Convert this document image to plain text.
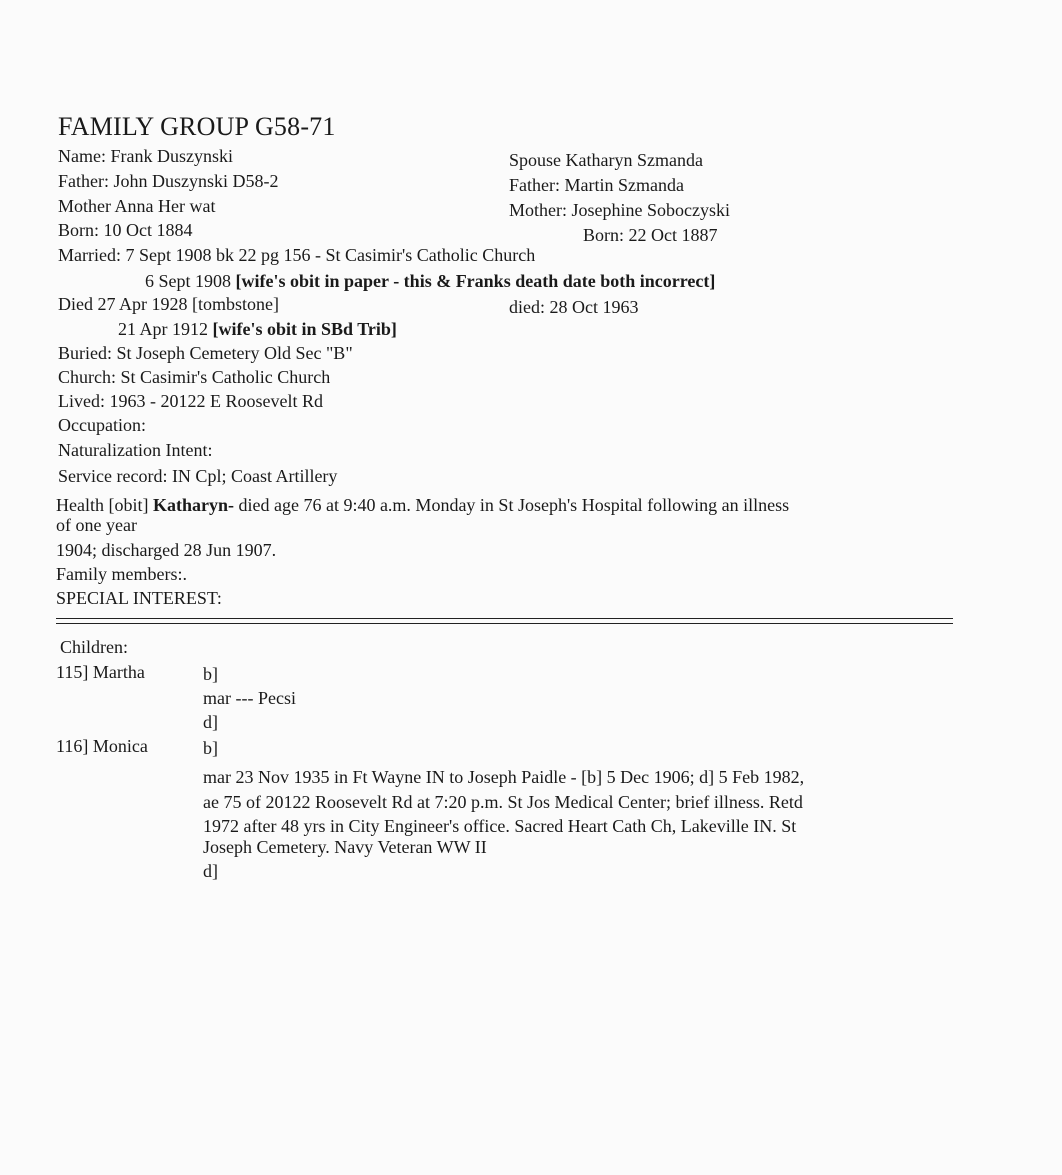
FAMILY GROUP G58-71
Name: Frank Duszynski
Father: John Duszynski D58-2
Mother Anna Her wat
Born: 10 Oct 1884
Married: 7 Sept 1908 bk 22 pg 156 - St Casimir's Catholic Church
6 Sept 1908 [wife's obit in paper - this & Franks death date both incorrect]
Died 27 Apr 1928 [tombstone]
21 Apr 1912 [wife's obit in SBd Trib]
Buried: St Joseph Cemetery Old Sec "B"
Church: St Casimir's Catholic Church
Lived: 1963 - 20122 E Roosevelt Rd
Occupation:
Naturalization Intent:
Service record: IN Cpl; Coast Artillery
Health [obit] Katharyn- died age 76 at 9:40 a.m. Monday in St Joseph's Hospital following an illness
of one year
1904; discharged 28 Jun 1907.
Family members:.
SPECIAL INTEREST:
Spouse Katharyn Szmanda
Father: Martin Szmanda
Mother: Josephine Soboczyski
Born: 22 Oct 1887
died: 28 Oct 1963
Children:
115] Martha	b]
mar --- Pecsi
d]
116] Monica	b]
mar 23 Nov 1935 in Ft Wayne IN to Joseph Paidle - [b] 5 Dec 1906; d] 5 Feb 1982,
ae 75 of 20122 Roosevelt Rd at 7:20 p.m. St Jos Medical Center; brief illness. Retd
1972 after 48 yrs in City Engineer's office. Sacred Heart Cath Ch, Lakeville IN. St
Joseph Cemetery. Navy Veteran WW II
d]
